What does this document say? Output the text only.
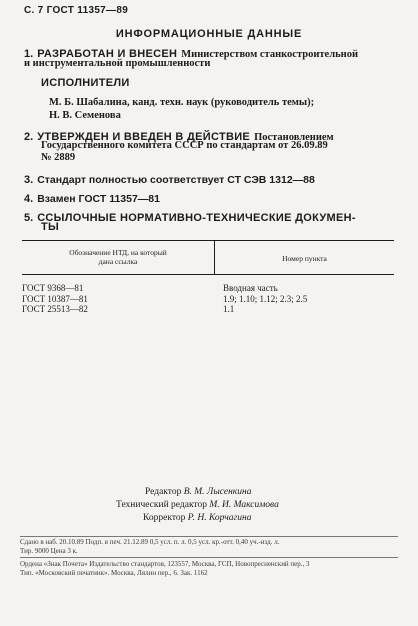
С. 7 ГОСТ 11357—89
ИНФОРМАЦИОННЫЕ ДАННЫЕ
1. РАЗРАБОТАН И ВНЕСЕН Министерством станкостроительной
и инструментальной промышленности
ИСПОЛНИТЕЛИ
М. Б. Шабалина, канд. техн. наук (руководитель темы);
Н. В. Семенова
2. УТВЕРЖДЕН И ВВЕДЕН В ДЕЙСТВИЕ Постановлением
Государственного комитета СССР по стандартам от 26.09.89
№ 2889
3. Стандарт полностью соответствует СТ СЭВ 1312—88
4. Взамен ГОСТ 11357—81
5. ССЫЛОЧНЫЕ НОРМАТИВНО-ТЕХНИЧЕСКИЕ ДОКУМЕН-
ТЫ
Обозначение НТД, на который
дана ссылка	Номер пункта
ГОСТ 9368—81
ГОСТ 10387—81
ГОСТ 25513—82
Вводная часть
1.9; 1.10; 1.12; 2.3; 2.5
1.1
Редактор В. М. Лысенкина
Технический редактор М. И. Максимова
Корректор Р. Н. Корчагина
Сдано в наб. 20.10.89 Подп. в печ. 21.12.89 0,5 усл. п. л. 0,5 усл. кр.-отт. 0,40 уч.-изд. л.
Тир. 9000 Цена 3 к.
Ордена «Знак Почета» Издательство стандартов, 123557, Москва, ГСП, Новопресненский пер., 3
Тип. «Московский печатник». Москва, Лялин пер., 6. Зак. 1162
